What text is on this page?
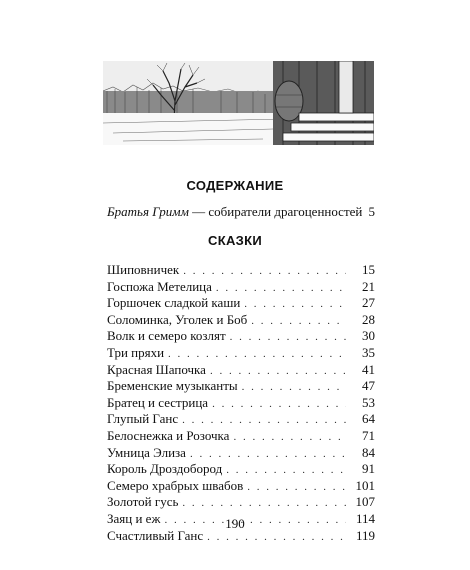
СОДЕРЖАНИЕ
Братья Гримм — собиратели драгоценностей 5
СКАЗКИ
Шиповничек . . .	15
Госпожа Метелица . . .	21
Горшочек сладкой каши . . .	27
Соломинка, Уголек и Боб . . .	28
Волк и семеро козлят . . .	30
Три пряхи . . .	35
Красная Шапочка . . .	41
Бременские музыканты . . .	47
Братец и сестрица . . .	53
Глупый Ганс . . .	64
Белоснежка и Розочка . . .	71
Умница Элиза . . .	84
Король Дроздобород . . .	91
Семеро храбрых швабов . . .	101
Золотой гусь . . .	107
Заяц и еж . . .	114
Счастливый Ганс . . .	119
190
